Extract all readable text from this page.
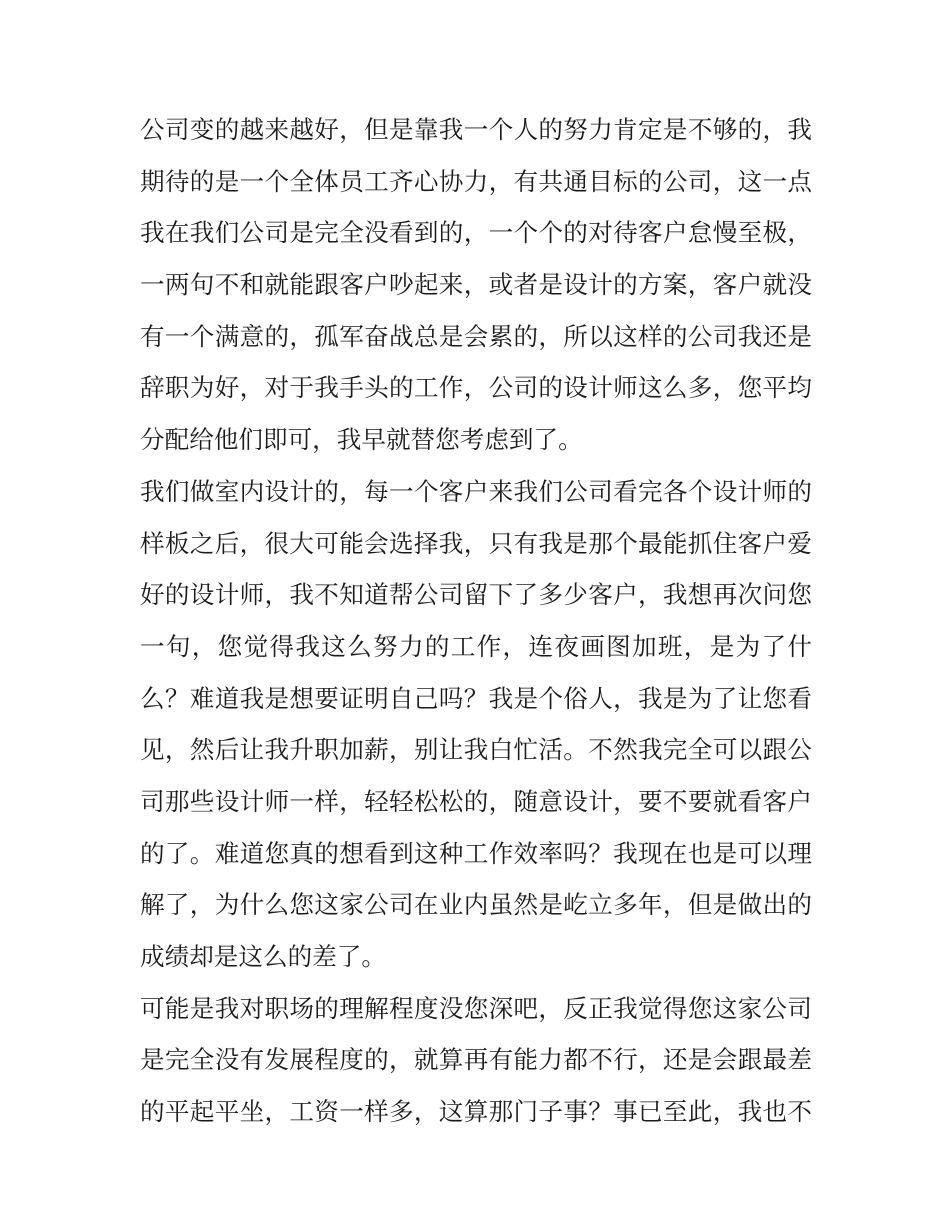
公司变的越来越好，但是靠我一个人的努力肯定是不够的，我
期待的是一个全体员工齐心协力，有共通目标的公司，这一点
我在我们公司是完全没看到的，一个个的对待客户怠慢至极，
一两句不和就能跟客户吵起来，或者是设计的方案，客户就没
有一个满意的，孤军奋战总是会累的，所以这样的公司我还是
辞职为好，对于我手头的工作，公司的设计师这么多，您平均
分配给他们即可，我早就替您考虑到了。
我们做室内设计的，每一个客户来我们公司看完各个设计师的
样板之后，很大可能会选择我，只有我是那个最能抓住客户爱
好的设计师，我不知道帮公司留下了多少客户，我想再次问您
一句，您觉得我这么努力的工作，连夜画图加班，是为了什
么？难道我是想要证明自己吗？我是个俗人，我是为了让您看
见，然后让我升职加薪，别让我白忙活。不然我完全可以跟公
司那些设计师一样，轻轻松松的，随意设计，要不要就看客户
的了。难道您真的想看到这种工作效率吗？我现在也是可以理
解了，为什么您这家公司在业内虽然是屹立多年，但是做出的
成绩却是这么的差了。
可能是我对职场的理解程度没您深吧，反正我觉得您这家公司
是完全没有发展程度的，就算再有能力都不行，还是会跟最差
的平起平坐，工资一样多，这算那门子事？事已至此，我也不
